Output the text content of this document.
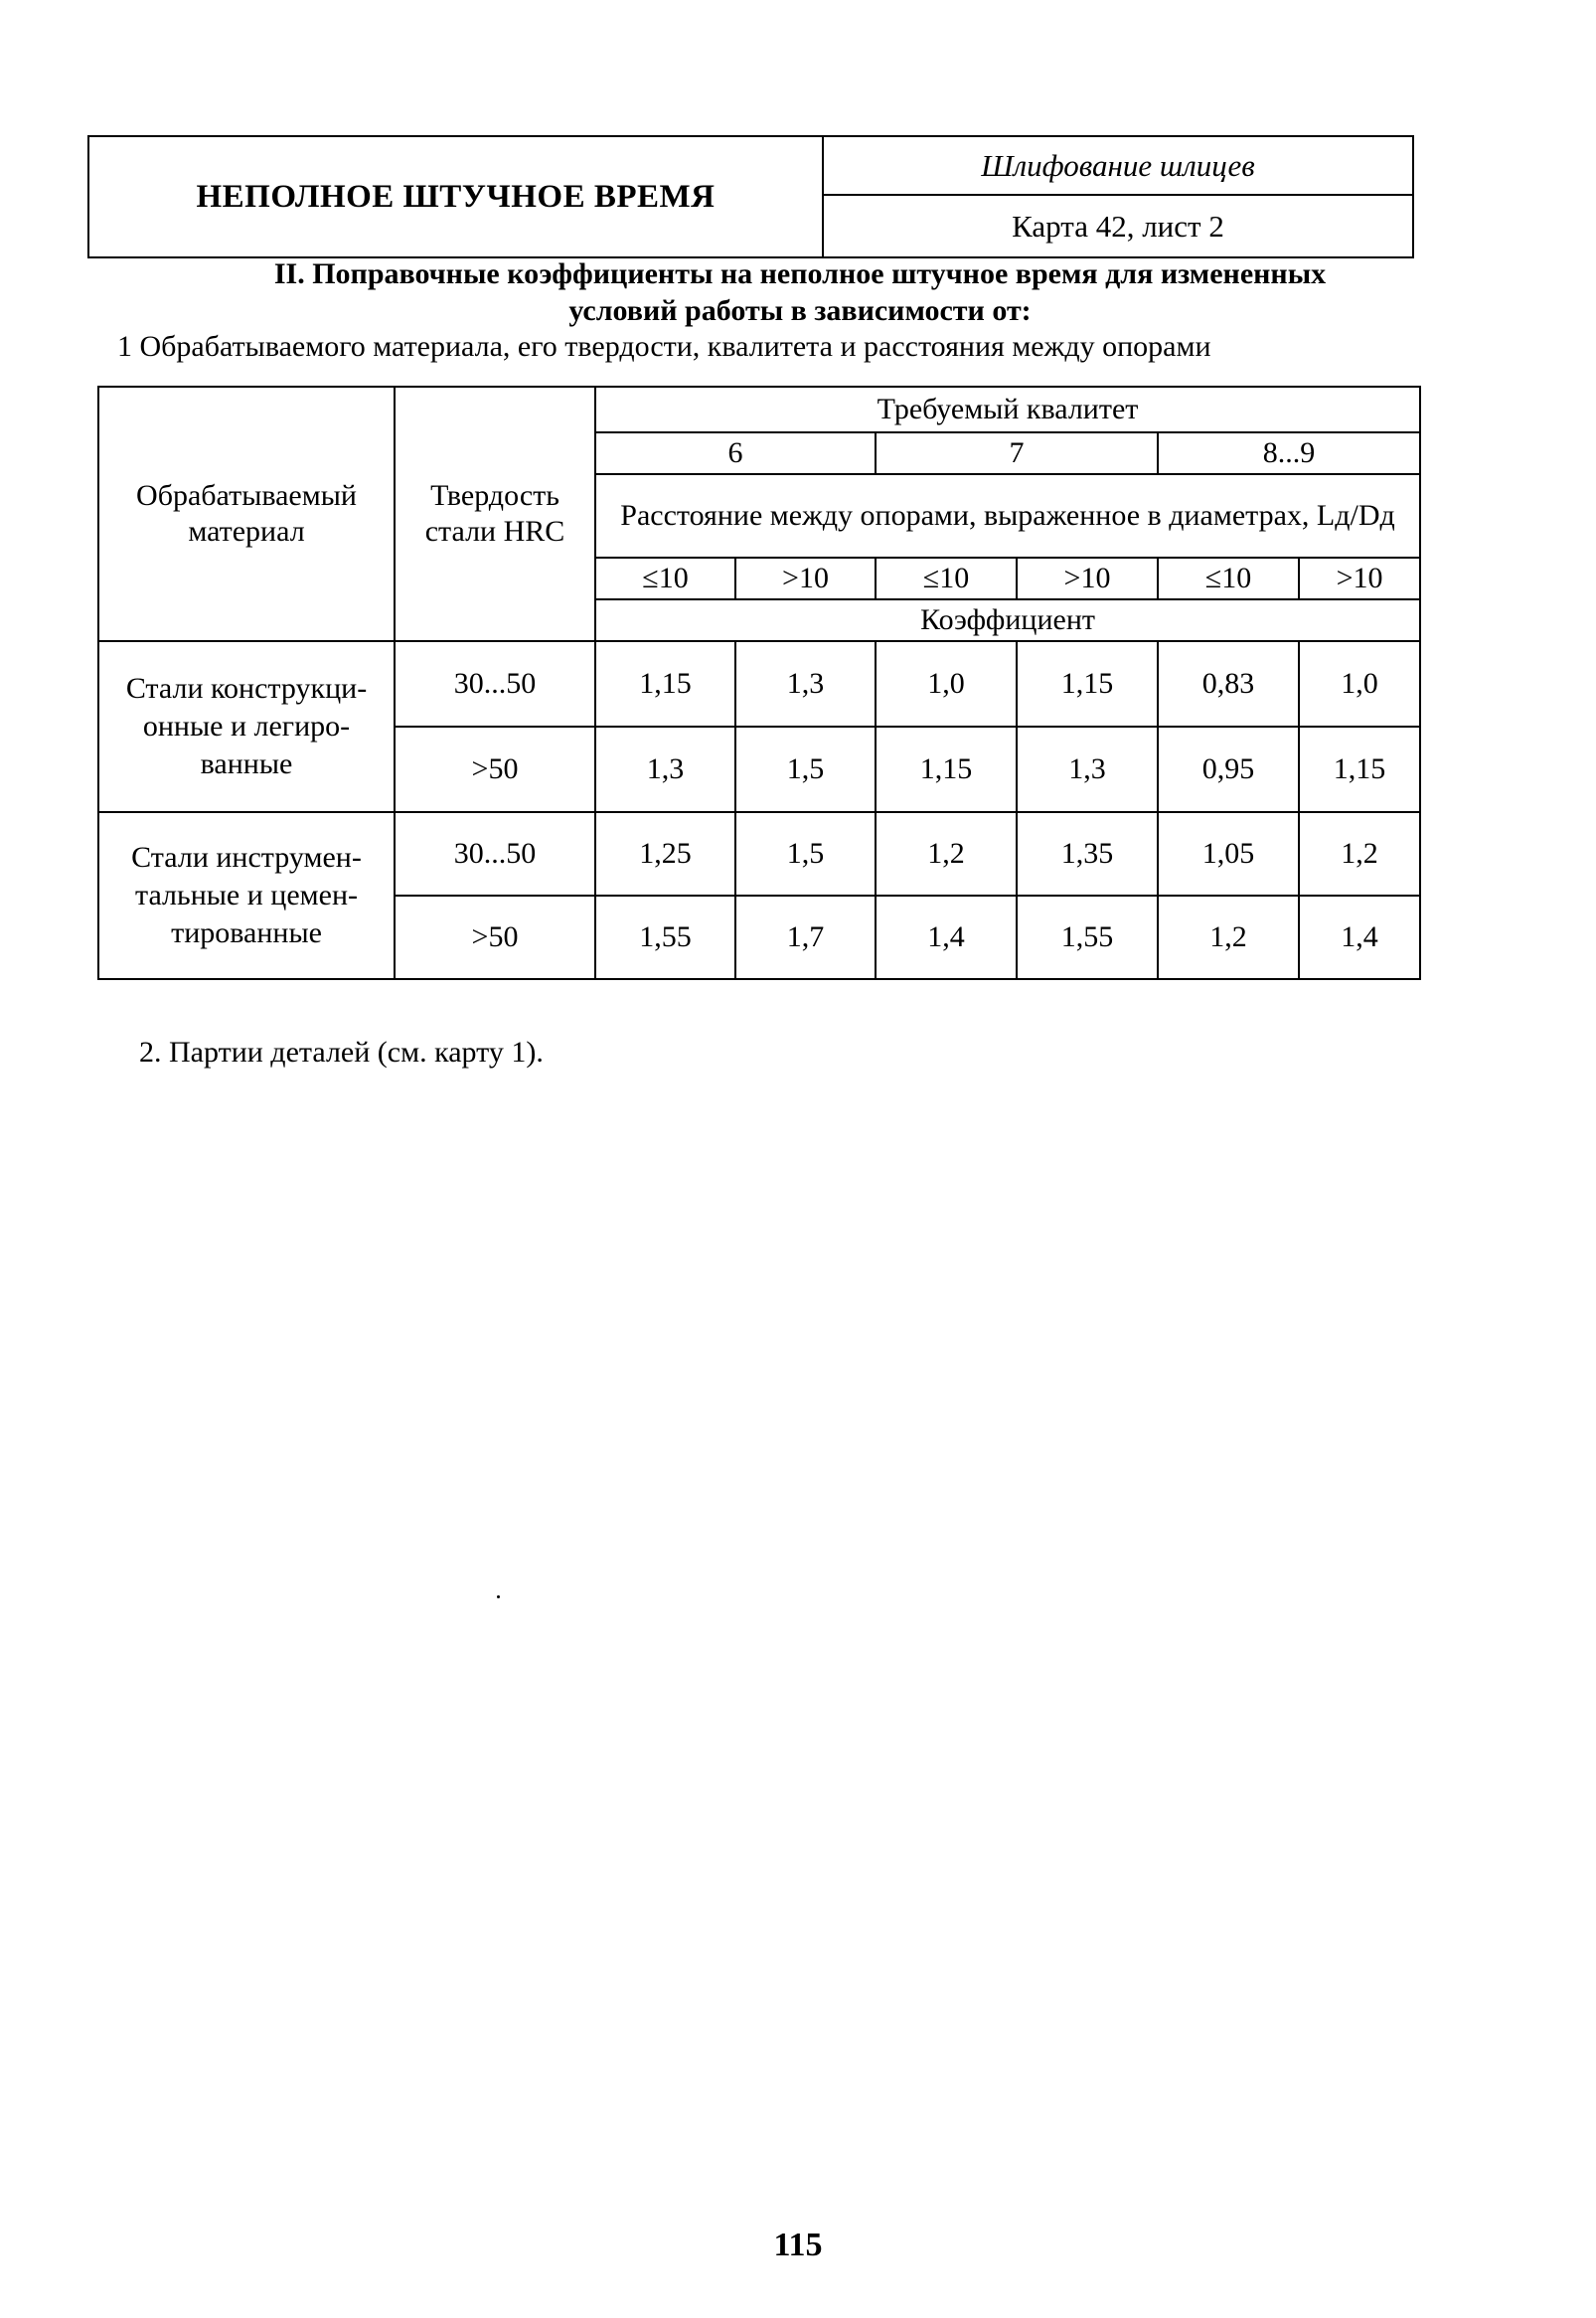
НЕПОЛНОЕ ШТУЧНОЕ ВРЕМЯ
Шлифование шлицев
Карта 42, лист 2
II. Поправочные коэффициенты на неполное штучное время для измененных
условий работы в зависимости от:
1 Обрабатываемого материала, его твердости, квалитета и расстояния между опорами
Обрабатываемый материал	Твердость стали HRC	Требуемый квалитет					
		6		7		8...9	
		Расстояние между опорами, выраженное в диаметрах, Lд/Dд					
		≤10	>10	≤10	>10	≤10	>10
		Коэффициент					
Стали конструкци-онные и легиро-ванные	30...50	1,15	1,3	1,0	1,15	0,83	1,0
	>50	1,3	1,5	1,15	1,3	0,95	1,15
Стали инструмен-тальные и цемен-тированные	30...50	1,25	1,5	1,2	1,35	1,05	1,2
	>50	1,55	1,7	1,4	1,55	1,2	1,4
2. Партии деталей (см. карту 1).
115
